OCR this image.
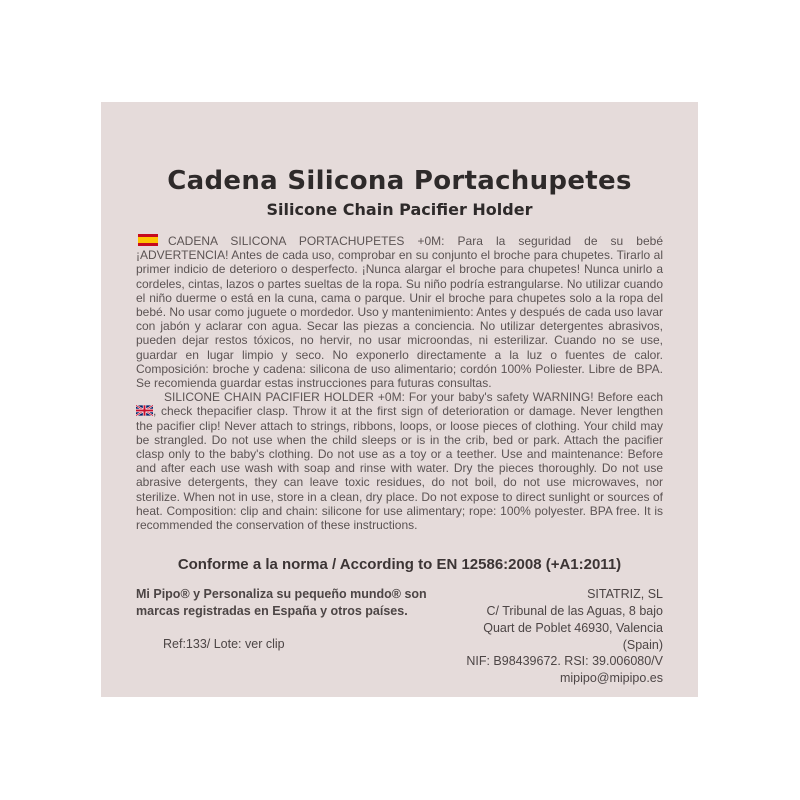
Cadena Silicona Portachupetes
Silicone Chain Pacifier Holder

CADENA SILICONA PORTACHUPETES +0M: Para la seguridad de su bebé ¡ADVERTENCIA! Antes de cada uso, comprobar en su conjunto el broche para chupetes. Tirarlo al primer indicio de deterioro o desperfecto. ¡Nunca alargar el broche para chupetes! Nunca unirlo a cordeles, cintas, lazos o partes sueltas de la ropa. Su niño podría estrangularse. No utilizar cuando el niño duerme o está en la cuna, cama o parque. Unir el broche para chupetes solo a la ropa del bebé. No usar como juguete o mordedor. Uso y mantenimiento: Antes y después de cada uso lavar con jabón y aclarar con agua. Secar las piezas a conciencia. No utilizar detergentes abrasivos, pueden dejar restos tóxicos, no hervir, no usar microondas, ni esterilizar. Cuando no se use, guardar en lugar limpio y seco. No exponerlo directamente a la luz o fuentes de calor. Composición: broche y cadena: silicona de uso alimentario; cordón 100% Poliester. Libre de BPA. Se recomienda guardar estas instrucciones para futuras consultas.

SILICONE CHAIN PACIFIER HOLDER +0M: For your baby's safety WARNING! Before each
, check thepacifier clasp. Throw it at the first sign of deterioration or damage. Never lengthen the pacifier clip! Never attach to strings, ribbons, loops, or loose pieces of clothing. Your child may be strangled. Do not use when the child sleeps or is in the crib, bed or park. Attach the pacifier clasp only to the baby's clothing. Do not use as a toy or a teether. Use and maintenance: Before and after each use wash with soap and rinse with water. Dry the pieces thoroughly. Do not use abrasive detergents, they can leave toxic residues, do not boil, do not use microwaves, nor sterilize. When not in use, store in a clean, dry place. Do not expose to direct sunlight or sources of heat. Composition: clip and chain: silicone for use alimentary; rope: 100% polyester. BPA free. It is recommended the conservation of these instructions.

Conforme a la norma / According to EN 12586:2008 (+A1:2011)

Mi Pipo® y Personaliza su pequeño mundo® son marcas registradas en España y otros países.

Ref:133/ Lote: ver clip

SITATRIZ, SL

C/ Tribunal de las Aguas, 8 bajo

Quart de Poblet 46930, Valencia (Spain)

NIF: B98439672. RSI: 39.006080/V

mipipo@mipipo.es
